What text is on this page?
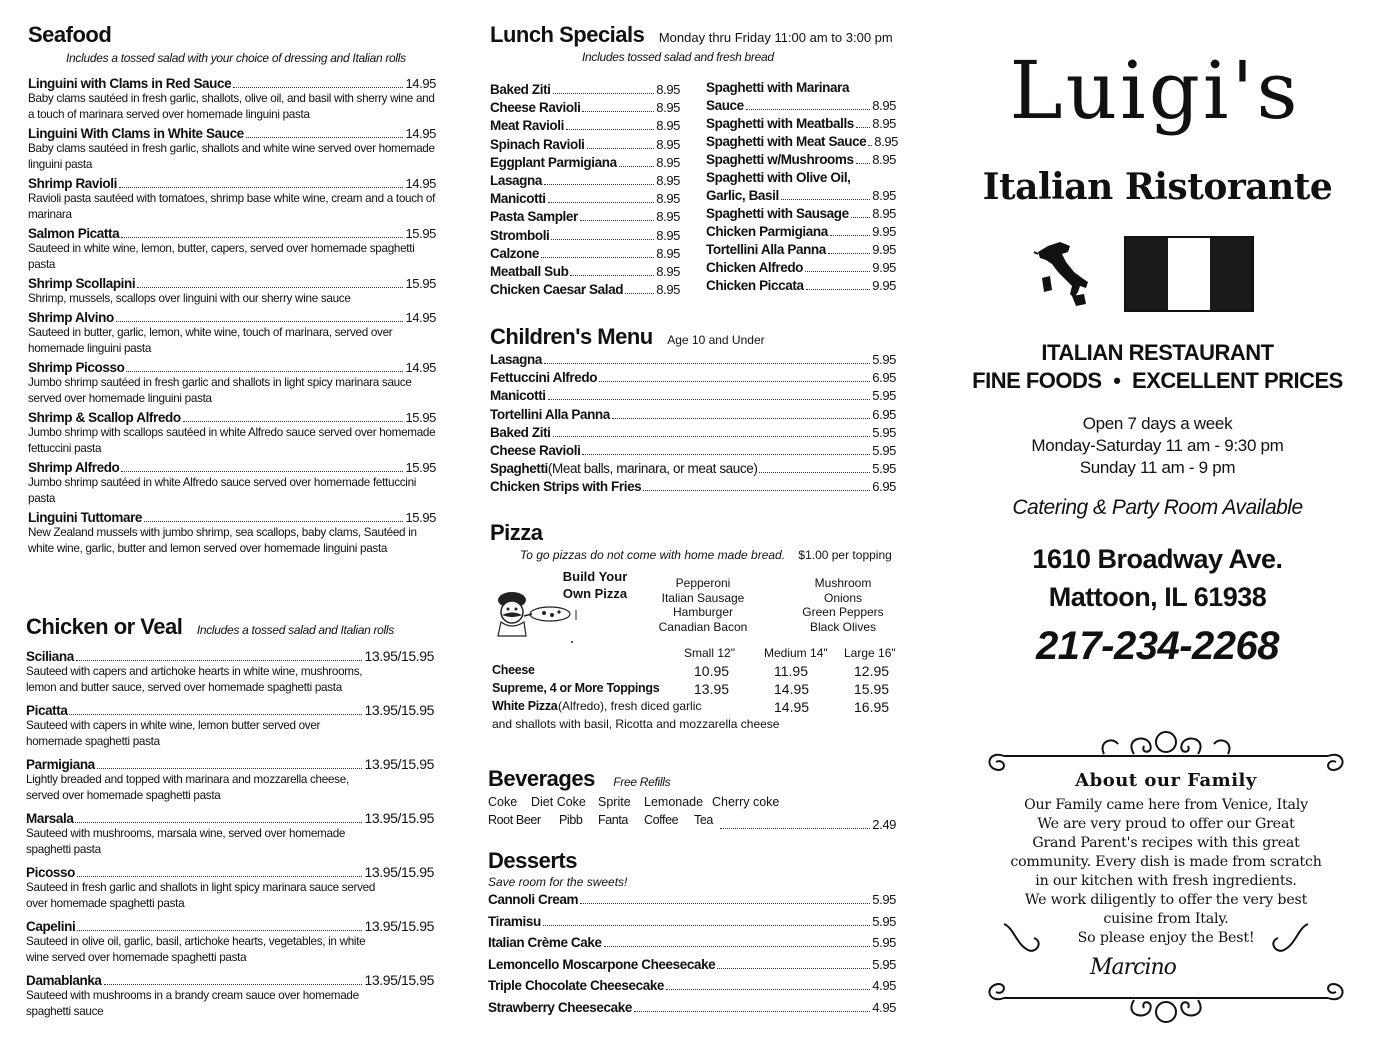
Seafood
Includes a tossed salad with your choice of dressing and Italian rolls
Linguini with Clams in Red Sauce	14.95
Baby clams sautéed in fresh garlic, shallots, olive oil, and basil with sherry wine and a touch of marinara served over homemade linguini pasta
Linguini With Clams in White Sauce	14.95
Baby clams sautéed in fresh garlic, shallots and white wine served over homemade linguini pasta
Shrimp Ravioli	14.95
Ravioli pasta sautéed with tomatoes, shrimp base white wine, cream and a touch of marinara
Salmon Picatta	15.95
Sauteed in white wine, lemon, butter, capers, served over homemade spaghetti pasta
Shrimp Scollapini	15.95
Shrimp, mussels, scallops over linguini with our sherry wine sauce
Shrimp Alvino	14.95
Sauteed in butter, garlic, lemon, white wine, touch of marinara, served over homemade linguini pasta
Shrimp Picosso	14.95
Jumbo shrimp sautéed in fresh garlic and shallots in light spicy marinara sauce served over homemade linguini pasta
Shrimp & Scallop Alfredo	15.95
Jumbo shrimp with scallops sautéed in white Alfredo sauce served over homemade fettuccini pasta
Shrimp Alfredo	15.95
Jumbo shrimp sautéed in white Alfredo sauce served over homemade fettuccini pasta
Linguini Tuttomare	15.95
New Zealand mussels with jumbo shrimp, sea scallops, baby clams, Sautéed in white wine, garlic, butter and lemon served over homemade linguini pasta
Chicken or Veal Includes a tossed salad and Italian rolls
Sciliana	13.95/15.95
Sauteed with capers and artichoke hearts in white wine, mushrooms, lemon and butter sauce, served over homemade spaghetti pasta
Picatta	13.95/15.95
Sauteed with capers in white wine, lemon butter served over homemade spaghetti pasta
Parmigiana	13.95/15.95
Lightly breaded and topped with marinara and mozzarella cheese, served over homemade spaghetti pasta
Marsala	13.95/15.95
Sauteed with mushrooms, marsala wine, served over homemade spaghetti pasta
Picosso	13.95/15.95
Sauteed in fresh garlic and shallots in light spicy marinara sauce served over homemade spaghetti pasta
Capelini	13.95/15.95
Sauteed in olive oil, garlic, basil, artichoke hearts, vegetables, in white wine served over homemade spaghetti pasta
Damablanka	13.95/15.95
Sauteed with mushrooms in a brandy cream sauce over homemade spaghetti sauce
Lunch Specials Monday thru Friday 11:00 am to 3:00 pm
Includes tossed salad and fresh bread
Baked Ziti	8.95
Cheese Ravioli	8.95
Meat Ravioli	8.95
Spinach Ravioli	8.95
Eggplant Parmigiana	8.95
Lasagna	8.95
Manicotti	8.95
Pasta Sampler	8.95
Stromboli	8.95
Calzone	8.95
Meatball Sub	8.95
Chicken Caesar Salad	8.95
Spaghetti with Marinara
Sauce	8.95
Spaghetti with Meatballs 8.95
Spaghetti with Meat Sauce 8.95
Spaghetti w/Mushrooms 8.95
Spaghetti with Olive Oil,
Garlic, Basil	8.95
Spaghetti with Sausage 8.95
Chicken Parmigiana	9.95
Tortellini Alla Panna	9.95
Chicken Alfredo	9.95
Chicken Piccata	9.95
Children's Menu Age 10 and Under
Lasagna	5.95
Fettuccini Alfredo	6.95
Manicotti	5.95
Tortellini Alla Panna	6.95
Baked Ziti	5.95
Cheese Ravioli	5.95
Spaghetti (Meat balls, marinara, or meat sauce)	5.95
Chicken Strips with Fries	6.95
Pizza
To go pizzas do not come with home made bread. $1.00 per topping
Build Your
Own Pizza
Pepperoni
Italian Sausage
Hamburger
Canadian Bacon
Mushroom
Onions
Green Peppers
Black Olives
Small 12" Medium 14" Large 16"
Cheese	10.95	11.95	12.95
Supreme, 4 or More Toppings 13.95	14.95	15.95
White Pizza (Alfredo), fresh diced garlic	14.95	16.95
and shallots with basil, Ricotta and mozzarella cheese
Beverages Free Refills
Coke Diet Coke Sprite Lemonade Cherry coke
Root Beer Pibb Fanta Coffee Tea	2.49
Desserts
Save room for the sweets!
Cannoli Cream	5.95
Tiramisu	5.95
Italian Crème Cake	5.95
Lemoncello Moscarpone Cheesecake	5.95
Triple Chocolate Cheesecake	4.95
Strawberry Cheesecake	4.95
Luigi's
Italian Ristorante
ITALIAN RESTAURANT
FINE FOODS • EXCELLENT PRICES
Open 7 days a week
Monday-Saturday 11 am - 9:30 pm
Sunday 11 am - 9 pm
Catering & Party Room Available
1610 Broadway Ave.
Mattoon, IL 61938
217-234-2268
About our Family
Our Family came here from Venice, Italy
We are very proud to offer our Great
Grand Parent's recipes with this great
community. Every dish is made from scratch
in our kitchen with fresh ingredients.
We work diligently to offer the very best
cuisine from Italy.
So please enjoy the Best!
Marcino
